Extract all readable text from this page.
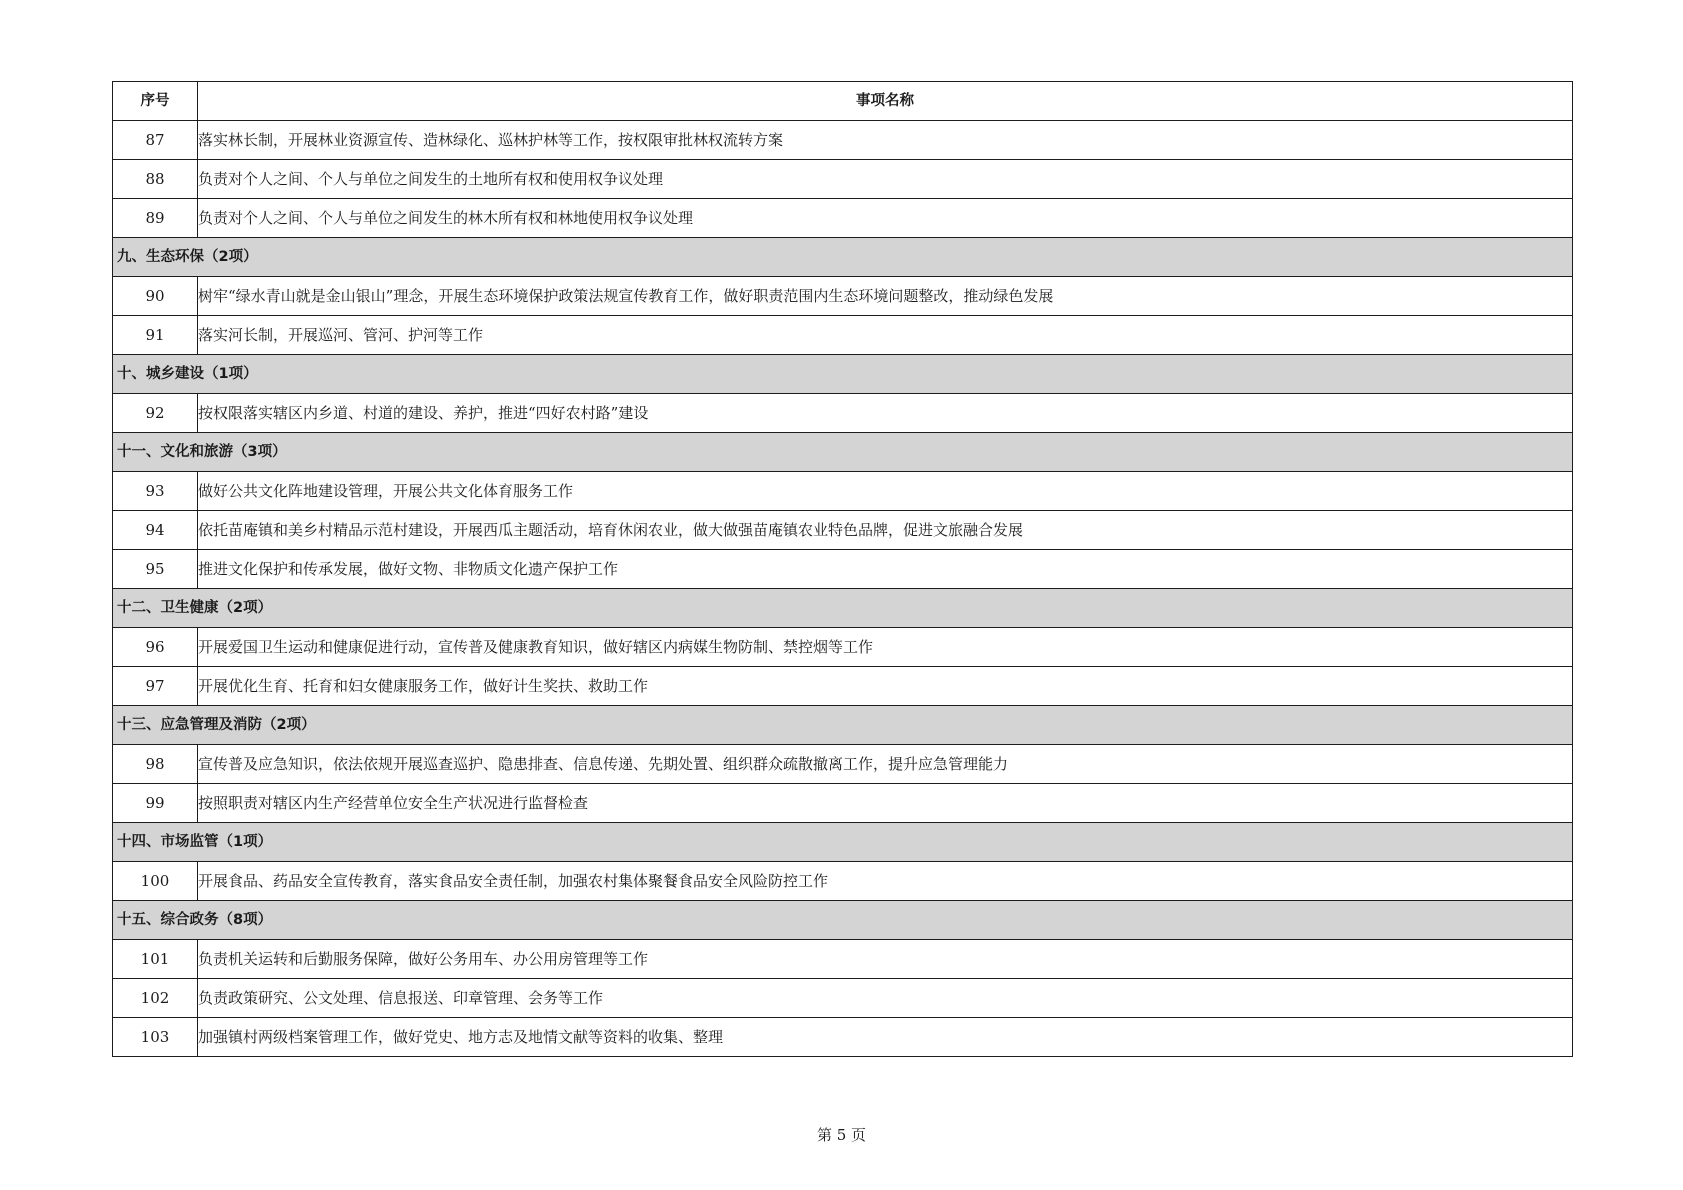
序号	事项名称
87	落实林长制，开展林业资源宣传、造林绿化、巡林护林等工作，按权限审批林权流转方案
88	负责对个人之间、个人与单位之间发生的土地所有权和使用权争议处理
89	负责对个人之间、个人与单位之间发生的林木所有权和林地使用权争议处理
九、生态环保（2项）	
90	树牢“绿水青山就是金山银山”理念，开展生态环境保护政策法规宣传教育工作，做好职责范围内生态环境问题整改，推动绿色发展
91	落实河长制，开展巡河、管河、护河等工作
十、城乡建设（1项）	
92	按权限落实辖区内乡道、村道的建设、养护，推进“四好农村路”建设
十一、文化和旅游（3项）	
93	做好公共文化阵地建设管理，开展公共文化体育服务工作
94	依托苗庵镇和美乡村精品示范村建设，开展西瓜主题活动，培育休闲农业，做大做强苗庵镇农业特色品牌，促进文旅融合发展
95	推进文化保护和传承发展，做好文物、非物质文化遗产保护工作
十二、卫生健康（2项）	
96	开展爱国卫生运动和健康促进行动，宣传普及健康教育知识，做好辖区内病媒生物防制、禁控烟等工作
97	开展优化生育、托育和妇女健康服务工作，做好计生奖扶、救助工作
十三、应急管理及消防（2项）	
98	宣传普及应急知识，依法依规开展巡查巡护、隐患排查、信息传递、先期处置、组织群众疏散撤离工作，提升应急管理能力
99	按照职责对辖区内生产经营单位安全生产状况进行监督检查
十四、市场监管（1项）	
100	开展食品、药品安全宣传教育，落实食品安全责任制，加强农村集体聚餐食品安全风险防控工作
十五、综合政务（8项）	
101	负责机关运转和后勤服务保障，做好公务用车、办公用房管理等工作
102	负责政策研究、公文处理、信息报送、印章管理、会务等工作
103	加强镇村两级档案管理工作，做好党史、地方志及地情文献等资料的收集、整理
第 5 页
